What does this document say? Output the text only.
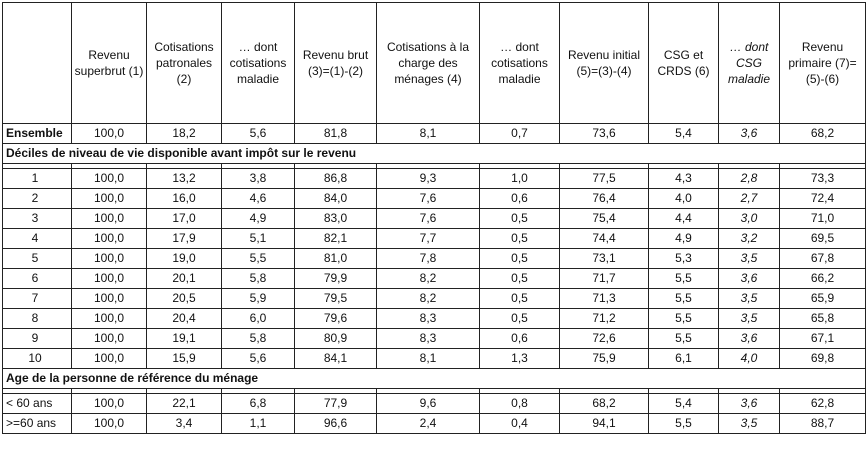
	Revenu superbrut (1)	Cotisations patronales (2)	… dont cotisations maladie	Revenu brut (3)=(1)-(2)	Cotisations à la charge des ménages (4)	… dont cotisations maladie	Revenu initial (5)=(3)-(4)	CSG et CRDS (6)	… dont CSG maladie	Revenu primaire (7)=(5)-(6)
Ensemble	100,0	18,2	5,6	81,8	8,1	0,7	73,6	5,4	3,6	68,2
Déciles de niveau de vie disponible avant impôt sur le revenu										

1	100,0	13,2	3,8	86,8	9,3	1,0	77,5	4,3	2,8	73,3
2	100,0	16,0	4,6	84,0	7,6	0,6	76,4	4,0	2,7	72,4
3	100,0	17,0	4,9	83,0	7,6	0,5	75,4	4,4	3,0	71,0
4	100,0	17,9	5,1	82,1	7,7	0,5	74,4	4,9	3,2	69,5
5	100,0	19,0	5,5	81,0	7,8	0,5	73,1	5,3	3,5	67,8
6	100,0	20,1	5,8	79,9	8,2	0,5	71,7	5,5	3,6	66,2
7	100,0	20,5	5,9	79,5	8,2	0,5	71,3	5,5	3,5	65,9
8	100,0	20,4	6,0	79,6	8,3	0,5	71,2	5,5	3,5	65,8
9	100,0	19,1	5,8	80,9	8,3	0,6	72,6	5,5	3,6	67,1
10	100,0	15,9	5,6	84,1	8,1	1,3	75,9	6,1	4,0	69,8
Age de la personne de référence du ménage										

< 60 ans	100,0	22,1	6,8	77,9	9,6	0,8	68,2	5,4	3,6	62,8
>=60 ans	100,0	3,4	1,1	96,6	2,4	0,4	94,1	5,5	3,5	88,7
